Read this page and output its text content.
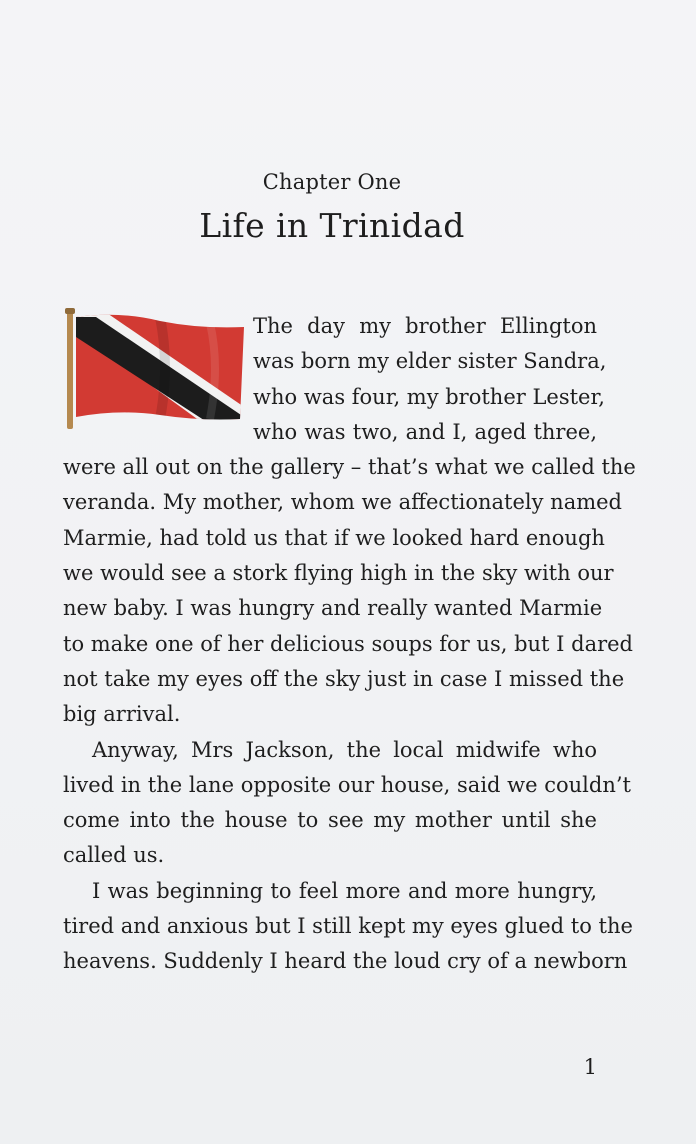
Chapter One
Life in Trinidad
The day my brother Ellington
was born my elder sister Sandra,
who was four, my brother Lester,
who was two, and I, aged three,
were all out on the gallery – that’s what we called the
veranda. My mother, whom we affectionately named
Marmie, had told us that if we looked hard enough
we would see a stork flying high in the sky with our
new baby. I was hungry and really wanted Marmie
to make one of her delicious soups for us, but I dared
not take my eyes off the sky just in case I missed the
big arrival.
Anyway, Mrs Jackson, the local midwife who
lived in the lane opposite our house, said we couldn’t
come into the house to see my mother until she
called us.
I was beginning to feel more and more hungry,
tired and anxious but I still kept my eyes glued to the
heavens. Suddenly I heard the loud cry of a newborn
1
